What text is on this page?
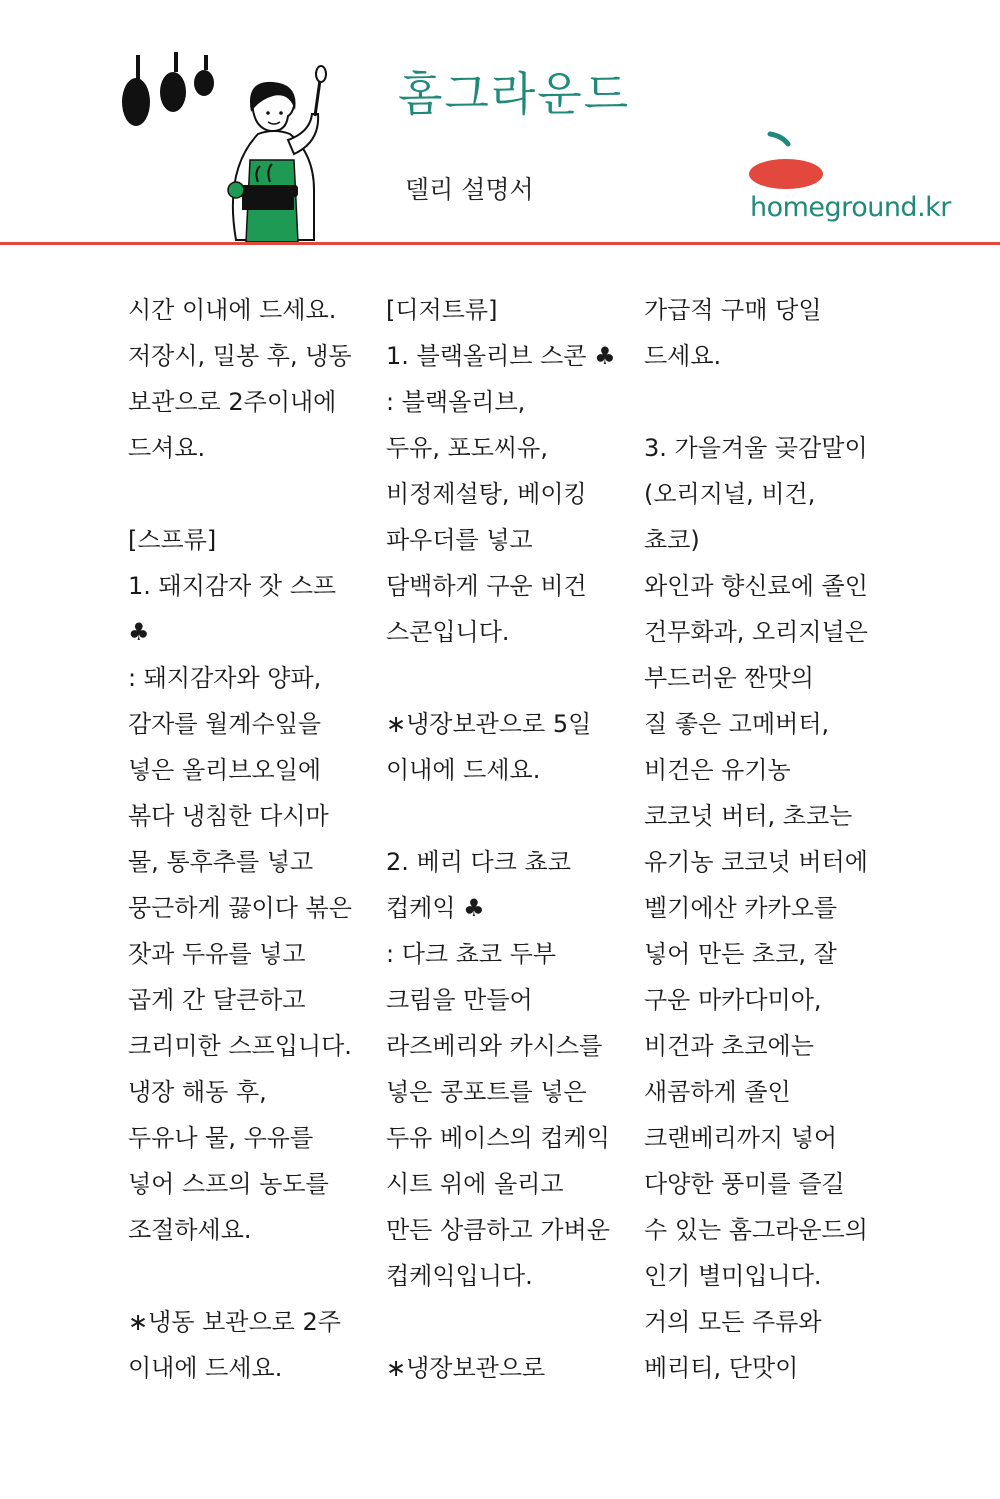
홈그라운드
델리 설명서
homeground.kr
시간 이내에 드세요.
저장시, 밀봉 후, 냉동
보관으로 2주이내에
드셔요.
[스프류]
1. 돼지감자 잣 스프
♣
: 돼지감자와 양파,
감자를 월계수잎을
넣은 올리브오일에
볶다 냉침한 다시마
물, 통후추를 넣고
뭉근하게 끓이다 볶은
잣과 두유를 넣고
곱게 간 달큰하고
크리미한 스프입니다.
냉장 해동 후,
두유나 물, 우유를
넣어 스프의 농도를
조절하세요.
∗냉동 보관으로 2주
이내에 드세요.
[디저트류]
1. 블랙올리브 스콘 ♣
: 블랙올리브,
두유, 포도씨유,
비정제설탕, 베이킹
파우더를 넣고
담백하게 구운 비건
스콘입니다.
∗냉장보관으로 5일
이내에 드세요.
2. 베리 다크 쵸코
컵케익 ♣
: 다크 쵸코 두부
크림을 만들어
라즈베리와 카시스를
넣은 콩포트를 넣은
두유 베이스의 컵케익
시트 위에 올리고
만든 상큼하고 가벼운
컵케익입니다.
∗냉장보관으로
가급적 구매 당일
드세요.
3. 가을겨울 곶감말이
(오리지널, 비건,
쵸코)
와인과 향신료에 졸인
건무화과, 오리지널은
부드러운 짠맛의
질 좋은 고메버터,
비건은 유기농
코코넛 버터, 초코는
유기농 코코넛 버터에
벨기에산 카카오를
넣어 만든 초코, 잘
구운 마카다미아,
비건과 초코에는
새콤하게 졸인
크랜베리까지 넣어
다양한 풍미를 즐길
수 있는 홈그라운드의
인기 별미입니다.
거의 모든 주류와
베리티, 단맛이
